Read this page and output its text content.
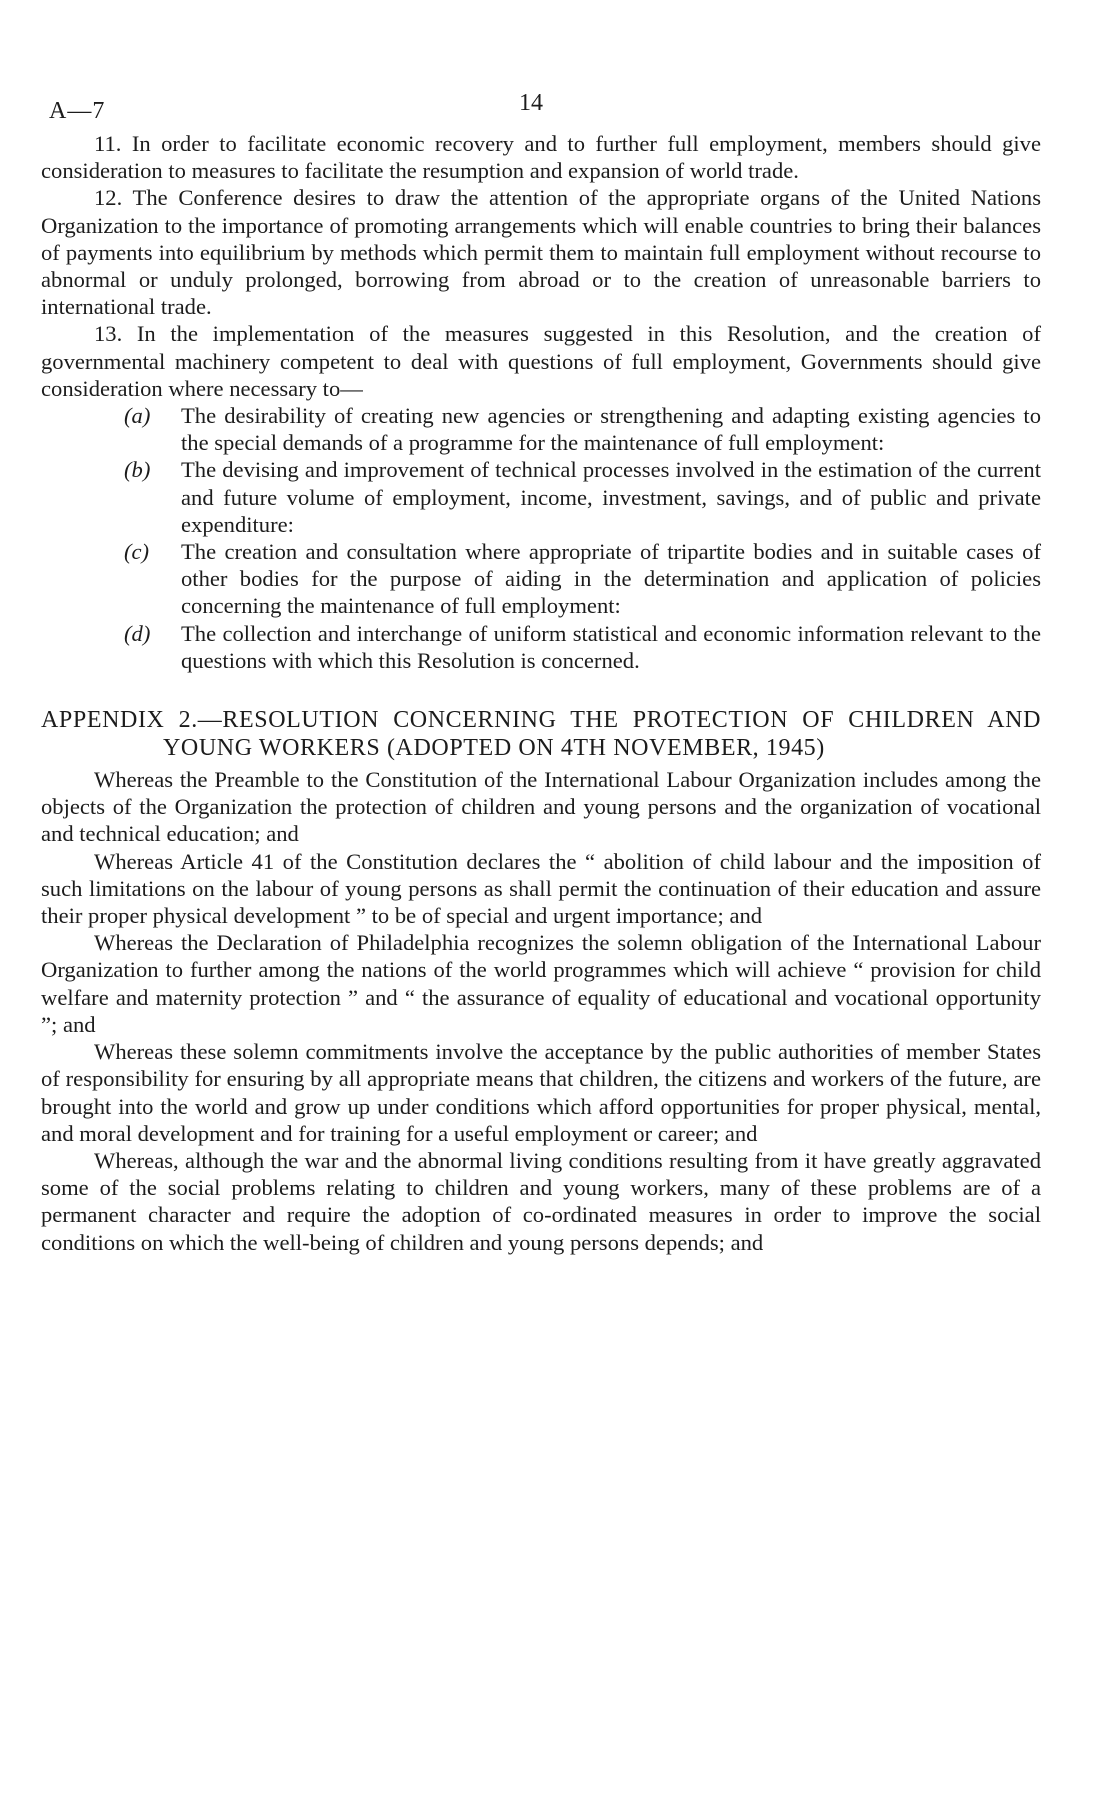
A—7	14

11. In order to facilitate economic recovery and to further full employment, members should give consideration to measures to facilitate the resumption and expansion of world trade.

12. The Conference desires to draw the attention of the appropriate organs of the United Nations Organization to the importance of promoting arrangements which will enable countries to bring their balances of payments into equilibrium by methods which permit them to maintain full employment without recourse to abnormal or unduly prolonged, borrowing from abroad or to the creation of unreasonable barriers to international trade.

13. In the implementation of the measures suggested in this Resolution, and the creation of governmental machinery competent to deal with questions of full employment, Governments should give consideration where necessary to—

(a) The desirability of creating new agencies or strengthening and adapting existing agencies to the special demands of a programme for the maintenance of full employment:

(b) The devising and improvement of technical processes involved in the estimation of the current and future volume of employment, income, investment, savings, and of public and private expenditure:

(c) The creation and consultation where appropriate of tripartite bodies and in suitable cases of other bodies for the purpose of aiding in the determination and application of policies concerning the maintenance of full employment:

(d) The collection and interchange of uniform statistical and economic information relevant to the questions with which this Resolution is concerned.

APPENDIX 2.—RESOLUTION CONCERNING THE PROTECTION OF CHILDREN AND YOUNG WORKERS (ADOPTED ON 4TH NOVEMBER, 1945)

Whereas the Preamble to the Constitution of the International Labour Organization includes among the objects of the Organization the protection of children and young persons and the organization of vocational and technical education; and

Whereas Article 41 of the Constitution declares the “ abolition of child labour and the imposition of such limitations on the labour of young persons as shall permit the continuation of their education and assure their proper physical development ” to be of special and urgent importance; and

Whereas the Declaration of Philadelphia recognizes the solemn obligation of the International Labour Organization to further among the nations of the world programmes which will achieve “ provision for child welfare and maternity protection ” and “ the assurance of equality of educational and vocational opportunity ”; and

Whereas these solemn commitments involve the acceptance by the public authorities of member States of responsibility for ensuring by all appropriate means that children, the citizens and workers of the future, are brought into the world and grow up under conditions which afford opportunities for proper physical, mental, and moral development and for training for a useful employment or career; and

Whereas, although the war and the abnormal living conditions resulting from it have greatly aggravated some of the social problems relating to children and young workers, many of these problems are of a permanent character and require the adoption of co-ordinated measures in order to improve the social conditions on which the well-being of children and young persons depends; and
